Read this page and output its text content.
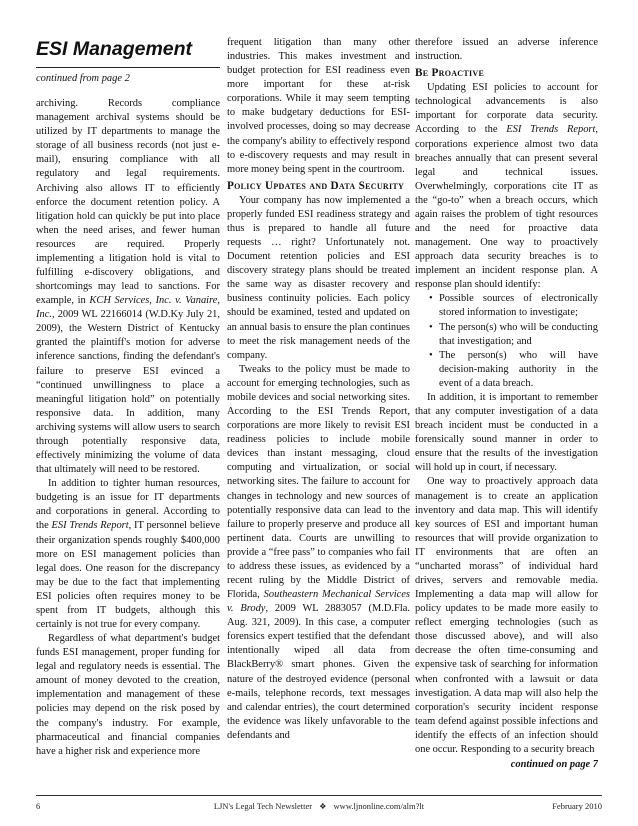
ESI Management
continued from page 2

archiving. Records compliance management archival systems should be utilized by IT departments to manage the storage of all business records (not just e-mail), ensuring compliance with all regulatory and legal requirements. Archiving also allows IT to efficiently enforce the document retention policy. A litigation hold can quickly be put into place when the need arises, and fewer human resources are required. Properly implementing a litigation hold is vital to fulfilling e-discovery obligations, and shortcomings may lead to sanctions. For example, in KCH Services, Inc. v. Vanaire, Inc., 2009 WL 22166014 (W.D.Ky July 21, 2009), the Western District of Kentucky granted the plaintiff's motion for adverse inference sanctions, finding the defendant's failure to preserve ESI evinced a “continued unwillingness to place a meaningful litigation hold” on potentially responsive data. In addition, many archiving systems will allow users to search through potentially responsive data, effectively minimizing the volume of data that ultimately will need to be restored.

In addition to tighter human resources, budgeting is an issue for IT departments and corporations in general. According to the ESI Trends Report, IT personnel believe their organization spends roughly $400,000 more on ESI management policies than legal does. One reason for the discrepancy may be due to the fact that implementing ESI policies often requires money to be spent from IT budgets, although this certainly is not true for every company.

Regardless of what department's budget funds ESI management, proper funding for legal and regulatory needs is essential. The amount of money devoted to the creation, implementation and management of these policies may depend on the risk posed by the company's industry. For example, pharmaceutical and financial companies have a higher risk and experience more

frequent litigation than many other industries. This makes investment and budget protection for ESI readiness even more important for these at-risk corporations. While it may seem tempting to make budgetary deductions for ESI-involved processes, doing so may decrease the company's ability to effectively respond to e-discovery requests and may result in more money being spent in the courtroom.

Policy Updates and Data Security

Your company has now implemented a properly funded ESI readiness strategy and thus is prepared to handle all future requests … right? Unfortunately not. Document retention policies and ESI discovery strategy plans should be treated the same way as disaster recovery and business continuity policies. Each policy should be examined, tested and updated on an annual basis to ensure the plan continues to meet the risk management needs of the company.

Tweaks to the policy must be made to account for emerging technologies, such as mobile devices and social networking sites. According to the ESI Trends Report, corporations are more likely to revisit ESI readiness policies to include mobile devices than instant messaging, cloud computing and virtualization, or social networking sites. The failure to account for changes in technology and new sources of potentially responsive data can lead to the failure to properly preserve and produce all pertinent data. Courts are unwilling to provide a “free pass” to companies who fail to address these issues, as evidenced by a recent ruling by the Middle District of Florida, Southeastern Mechanical Services v. Brody, 2009 WL 2883057 (M.D.Fla. Aug. 321, 2009). In this case, a computer forensics expert testified that the defendant intentionally wiped all data from BlackBerry® smart phones. Given the nature of the destroyed evidence (personal e-mails, telephone records, text messages and calendar entries), the court determined the evidence was likely unfavorable to the defendants and

therefore issued an adverse inference instruction.

Be Proactive

Updating ESI policies to account for technological advancements is also important for corporate data security. According to the ESI Trends Report, corporations experience almost two data breaches annually that can present several legal and technical issues. Overwhelmingly, corporations cite IT as the “go-to” when a breach occurs, which again raises the problem of tight resources and the need for proactive data management. One way to proactively approach data security breaches is to implement an incident response plan. A response plan should identify:

• Possible sources of electronically stored information to investigate;
• The person(s) who will be conducting that investigation; and
• The person(s) who will have decision-making authority in the event of a data breach.

In addition, it is important to remember that any computer investigation of a data breach incident must be conducted in a forensically sound manner in order to ensure that the results of the investigation will hold up in court, if necessary.

One way to proactively approach data management is to create an application inventory and data map. This will identify key sources of ESI and important human resources that will provide organization to IT environments that are often an “uncharted morass” of individual hard drives, servers and removable media. Implementing a data map will allow for policy updates to be made more easily to reflect emerging technologies (such as those discussed above), and will also decrease the often time-consuming and expensive task of searching for information when confronted with a lawsuit or data investigation. A data map will also help the corporation's security incident response team defend against possible infections and identify the effects of an infection should one occur. Responding to a security breach

continued on page 7
6	LJN's Legal Tech Newsletter ❖ www.ljnonline.com/alm?lt	February 2010
